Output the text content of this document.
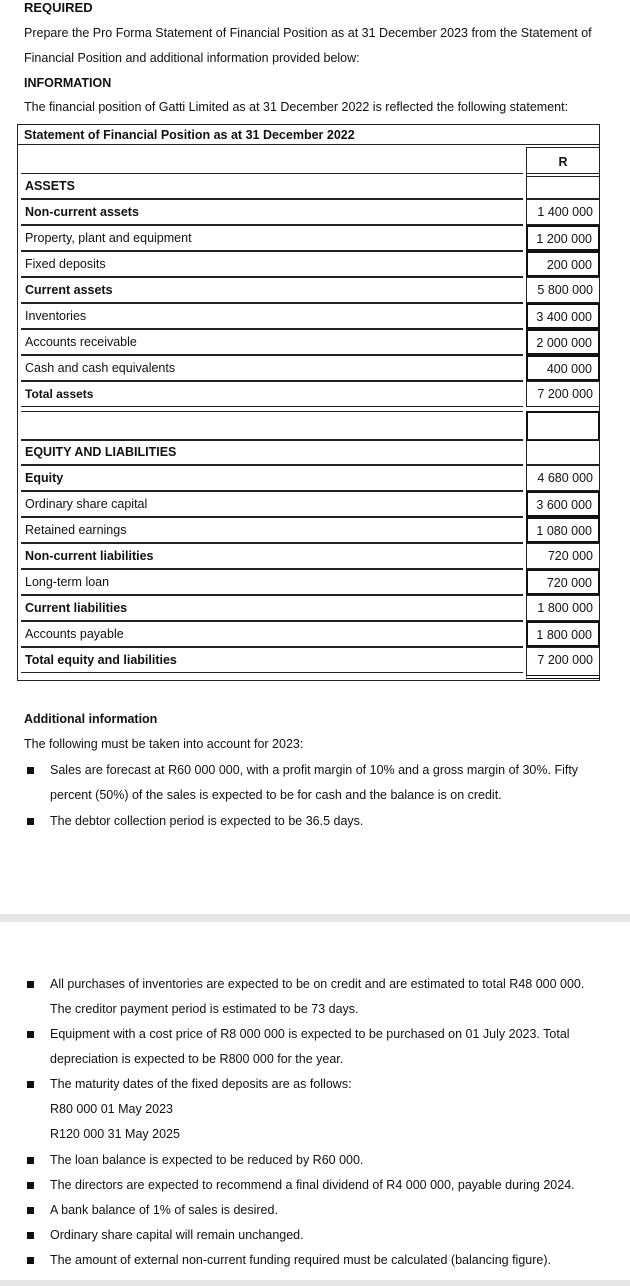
REQUIRED
Prepare the Pro Forma Statement of Financial Position as at 31 December 2023 from the Statement of Financial Position and additional information provided below:
INFORMATION
The financial position of Gatti Limited as at 31 December 2022 is reflected the following statement:
Statement of Financial Position as at 31 December 2022
R
ASSETS
Non-current assets	1 400 000
Property, plant and equipment	1 200 000
Fixed deposits	200 000
Current assets	5 800 000
Inventories	3 400 000
Accounts receivable	2 000 000
Cash and cash equivalents	400 000
Total assets	7 200 000
EQUITY AND LIABILITIES
Equity	4 680 000
Ordinary share capital	3 600 000
Retained earnings	1 080 000
Non-current liabilities	720 000
Long-term loan	720 000
Current liabilities	1 800 000
Accounts payable	1 800 000
Total equity and liabilities	7 200 000
Additional information
The following must be taken into account for 2023:
Sales are forecast at R60 000 000, with a profit margin of 10% and a gross margin of 30%. Fifty percent (50%) of the sales is expected to be for cash and the balance is on credit.
The debtor collection period is expected to be 36.5 days.
All purchases of inventories are expected to be on credit and are estimated to total R48 000 000. The creditor payment period is estimated to be 73 days.
Equipment with a cost price of R8 000 000 is expected to be purchased on 01 July 2023. Total depreciation is expected to be R800 000 for the year.
The maturity dates of the fixed deposits are as follows:
R80 000 01 May 2023
R120 000 31 May 2025
The loan balance is expected to be reduced by R60 000.
The directors are expected to recommend a final dividend of R4 000 000, payable during 2024.
A bank balance of 1% of sales is desired.
Ordinary share capital will remain unchanged.
The amount of external non-current funding required must be calculated (balancing figure).
